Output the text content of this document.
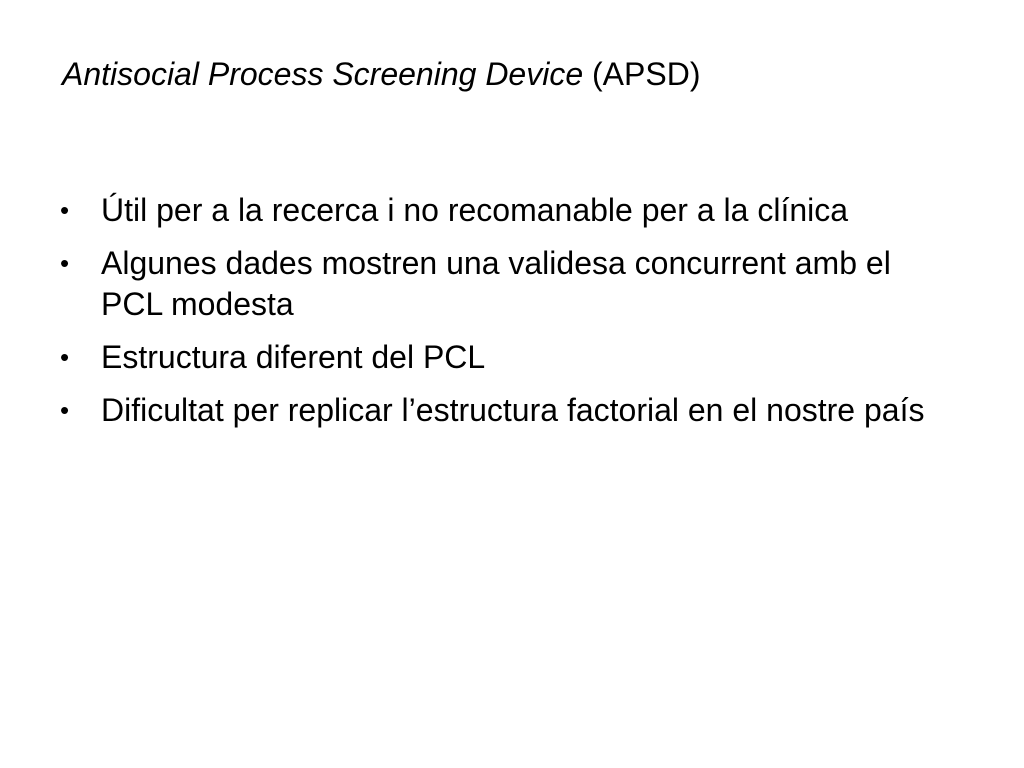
Antisocial Process Screening Device (APSD)
• Útil per a la recerca i no recomanable per a la clínica
• Algunes dades mostren una validesa concurrent amb el PCL modesta
• Estructura diferent del PCL
• Dificultat per replicar l’estructura factorial en el nostre país
